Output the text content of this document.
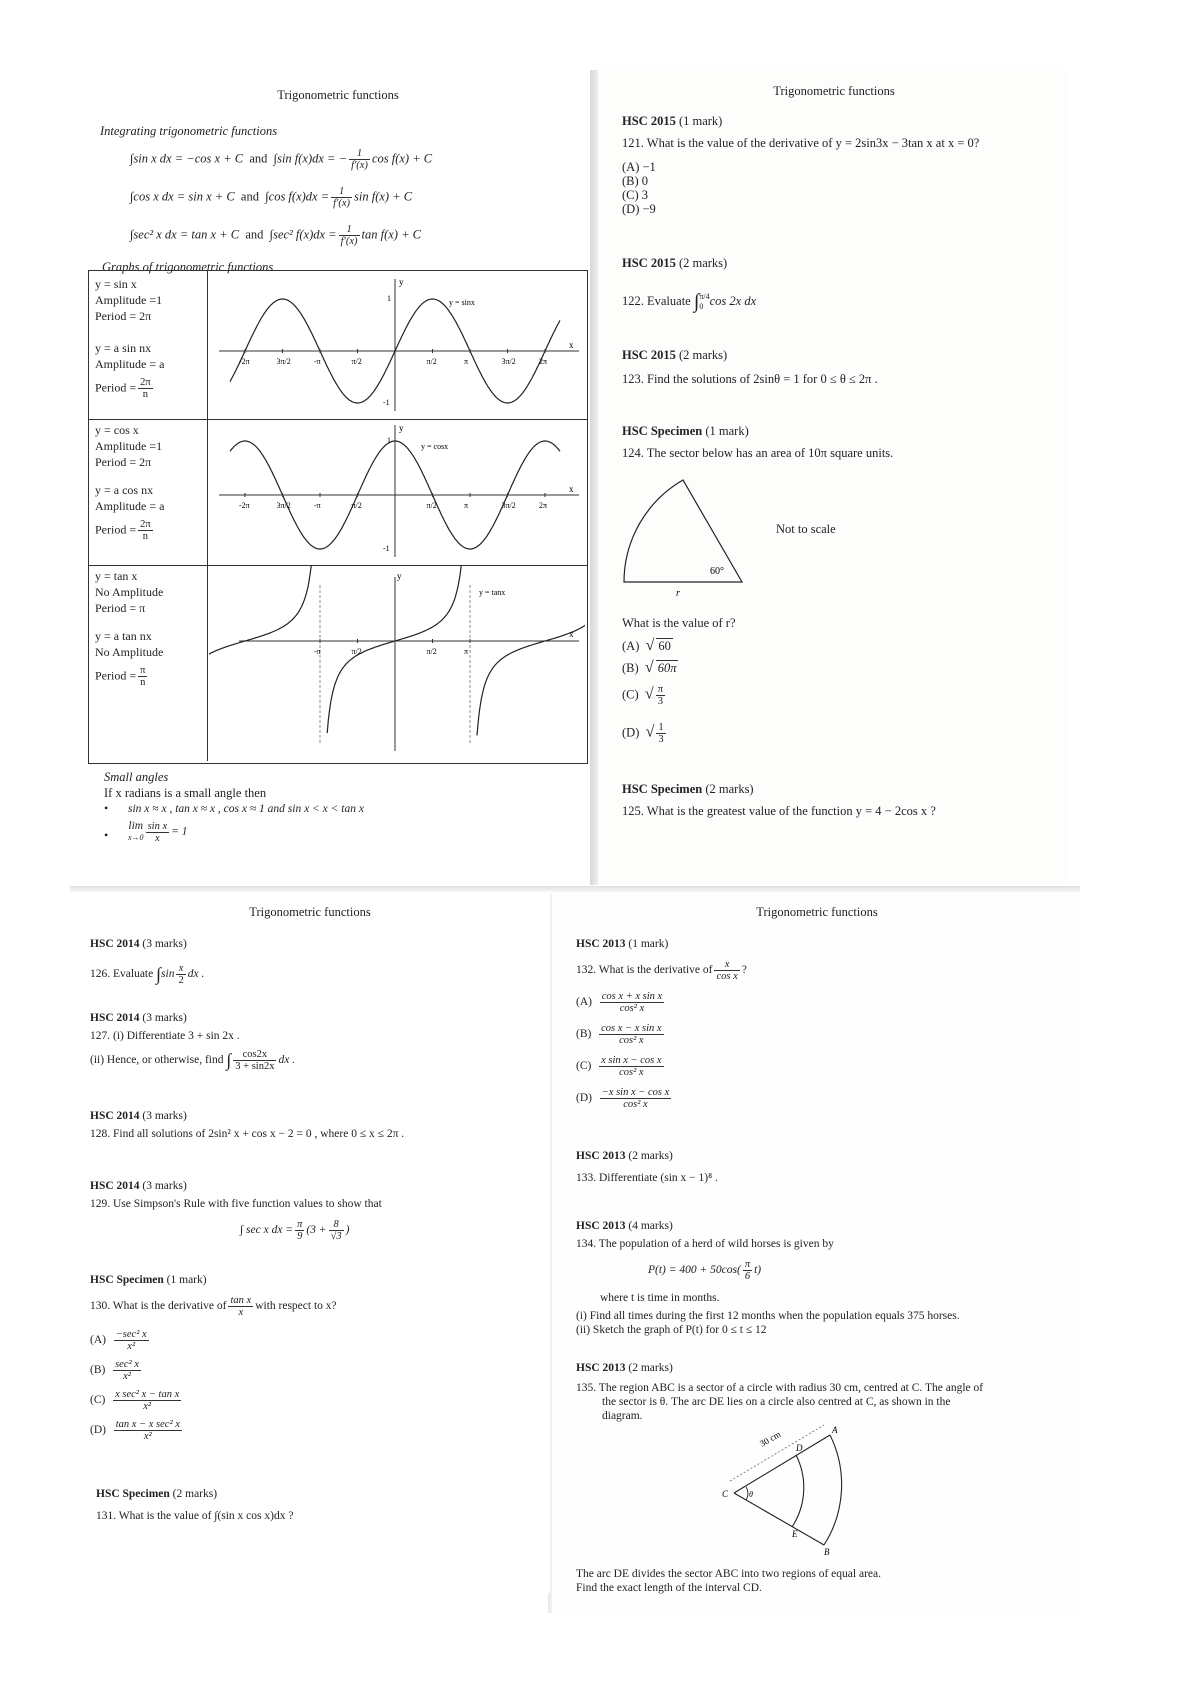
Trigonometric functions
Integrating trigonometric functions
∫sin x dx = −cos x + C and ∫sin f(x)dx = − $\frac{1}{f'(x)}$ cos f(x) + C
∫cos x dx = sin x + C and ∫cos $f(x)dx = \frac{1}{f'(x)}$ sin f(x) + C
∫sec² x dx = tan x + C and ∫sec² $f(x)dx = \frac{1}{f'(x)}$ tan f(x) + C
Graphs of trigonometric functions
y = sin x
Amplitude =1
Period = 2π
y = a sin nx
Amplitude = a
Period = $\frac{2\pi}{n}$
x
y
1
-1
y = sinx
-2π	3π/2	-π	π/2	π/2	π	3π/2	2π
y = cos x
Amplitude =1
Period = 2π
y = a cos nx
Amplitude = a
Period = $\frac{2\pi}{n}$
x
y
1
-1
y = cosx
-2π	3π/2	-π	π/2	π/2	π	3π/2	2π
y = tan x
No Amplitude
Period = π
y = a tan nx
No Amplitude
Period = $\frac{\pi}{n}$
x
y
y = tanx
-π	π/2	π/2	π
Small angles
If x radians is a small angle then
• sin x ≈ x , tan x ≈ x , cos x ≈ 1 and sin x < x < tan x
•
lim
$x\to 0 \frac{\text{sin x}}{x} = 1$
Trigonometric functions
HSC 2015 (1 mark)
121. What is the value of the derivative of y = 2sin3x − 3tan x at x = 0?
(A) −1
(B) 0
(C) 3
(D) −9
HSC 2015 (2 marks)
122. Evaluate ∫ π/4
0 cos 2x dx
HSC 2015 (2 marks)
123. Find the solutions of 2sinθ = 1 for 0 ≤ θ ≤ 2π .
HSC Specimen (1 mark)
124. The sector below has an area of 10π square units.
60°
r
Not to scale
What is the value of r?
(A) √ 60
(B) √ 60π
(C) √ $\frac{\pi}{3}$
(D) √ $\frac{1}{3}$
HSC Specimen (2 marks)
125. What is the greatest value of the function y = 4 − 2cos x ?
Trigonometric functions
HSC 2014 (3 marks)
126. Evaluate $\int\sin \frac{x}{2}$ dx .
HSC 2014 (3 marks)
127. (i) Differentiate 3 + sin 2x .
(ii) Hence, or otherwise, find ∫ $\frac{\cos 2x}{3 + \sin 2x}$ dx .
HSC 2014 (3 marks)
128. Find all solutions of 2sin² x + cos x − 2 = 0 , where 0 ≤ x ≤ 2π .
HSC 2014 (3 marks)
129. Use Simpson's Rule with five function values to show that
∫ sec x dx = $\frac{\pi}{9} (3 + \frac{8}{√3}$ )
HSC Specimen (1 mark)
130. What is the derivative of $\frac{\text{tan x}}{x}$ with respect to x?
$(A) \frac{\text{−sec² x}}{\text{x²}}$
$(B) \frac{\text{sec² x}}{\text{x²}}$
$(C) \frac{\text{x sec² x − tan x}}{\text{x²}}$
$(D) \frac{\text{tan x − x sec² x}}{\text{x²}}$
HSC Specimen (2 marks)
131. What is the value of ∫(sin x cos x)dx ?
Trigonometric functions
HSC 2013 (1 mark)
132. What is the derivative of $\frac{x}{\text{cos x}}$ ?
$(A) \frac{\text{cos x + x sin x}}{\text{cos² x}}$
$(B) \frac{\text{cos x − x sin x}}{\text{cos² x}}$
$(C) \frac{\text{x sin x − cos x}}{\text{cos² x}}$
$(D) \frac{\text{−x sin x − cos x}}{\text{cos² x}}$
HSC 2013 (2 marks)
133. Differentiate (sin x − 1)⁸ .
HSC 2013 (4 marks)
134. The population of a herd of wild horses is given by
$P(t) = 400 + 50\cos( \frac{\pi}{6} t)$
where t is time in months.
(i) Find all times during the first 12 months when the population equals 375 horses.
(ii) Sketch the graph of P(t) for 0 ≤ t ≤ 12
HSC 2013 (2 marks)
135. The region ABC is a sector of a circle with radius 30 cm, centred at C. The angle of
the sector is θ. The arc DE lies on a circle also centred at C, as shown in the
diagram.
30 cm	A
B
C
D
E
θ
The arc DE divides the sector ABC into two regions of equal area.
Find the exact length of the interval CD.
